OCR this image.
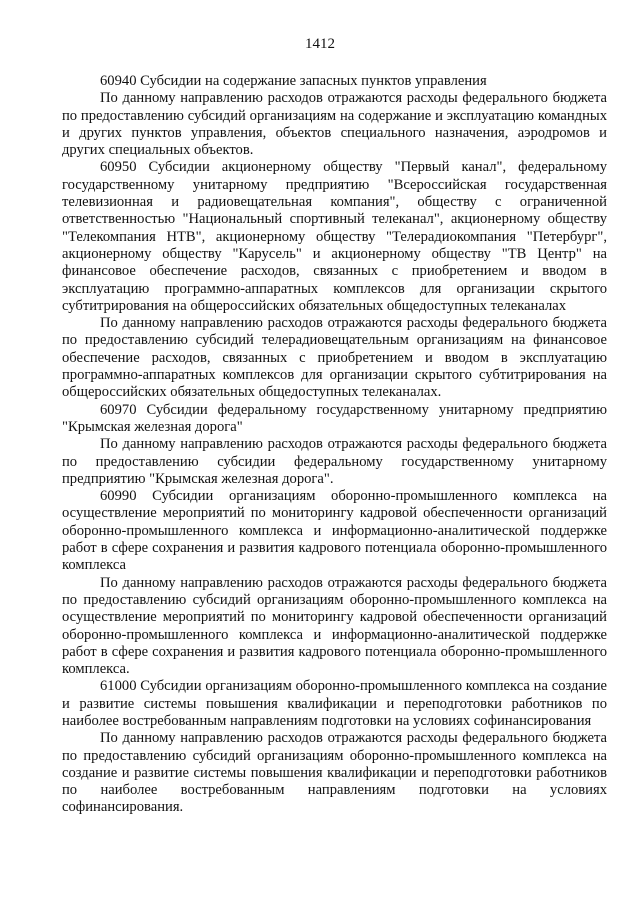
1412

60940 Субсидии на содержание запасных пунктов управления

По данному направлению расходов отражаются расходы федерального бюджета по предоставлению субсидий организациям на содержание и эксплуатацию командных и других пунктов управления, объектов специального назначения, аэродромов и других специальных объектов.

60950 Субсидии акционерному обществу "Первый канал", федеральному государственному унитарному предприятию "Всероссийская государственная телевизионная и радиовещательная компания", обществу с ограниченной ответственностью "Национальный спортивный телеканал", акционерному обществу "Телекомпания НТВ", акционерному обществу "Телерадиокомпания "Петербург", акционерному обществу "Карусель" и акционерному обществу "ТВ Центр" на финансовое обеспечение расходов, связанных с приобретением и вводом в эксплуатацию программно-аппаратных комплексов для организации скрытого субтитрирования на общероссийских обязательных общедоступных телеканалах

По данному направлению расходов отражаются расходы федерального бюджета по предоставлению субсидий телерадиовещательным организациям на финансовое обеспечение расходов, связанных с приобретением и вводом в эксплуатацию программно-аппаратных комплексов для организации скрытого субтитрирования на общероссийских обязательных общедоступных телеканалах.

60970 Субсидии федеральному государственному унитарному предприятию "Крымская железная дорога"

По данному направлению расходов отражаются расходы федерального бюджета по предоставлению субсидии федеральному государственному унитарному предприятию "Крымская железная дорога".

60990 Субсидии организациям оборонно-промышленного комплекса на осуществление мероприятий по мониторингу кадровой обеспеченности организаций оборонно-промышленного комплекса и информационно-аналитической поддержке работ в сфере сохранения и развития кадрового потенциала оборонно-промышленного комплекса

По данному направлению расходов отражаются расходы федерального бюджета по предоставлению субсидий организациям оборонно-промышленного комплекса на осуществление мероприятий по мониторингу кадровой обеспеченности организаций оборонно-промышленного комплекса и информационно-аналитической поддержке работ в сфере сохранения и развития кадрового потенциала оборонно-промышленного комплекса.

61000 Субсидии организациям оборонно-промышленного комплекса на создание и развитие системы повышения квалификации и переподготовки работников по наиболее востребованным направлениям подготовки на условиях софинансирования

По данному направлению расходов отражаются расходы федерального бюджета по предоставлению субсидий организациям оборонно-промышленного комплекса на создание и развитие системы повышения квалификации и переподготовки работников по наиболее востребованным направлениям подготовки на условиях софинансирования.
